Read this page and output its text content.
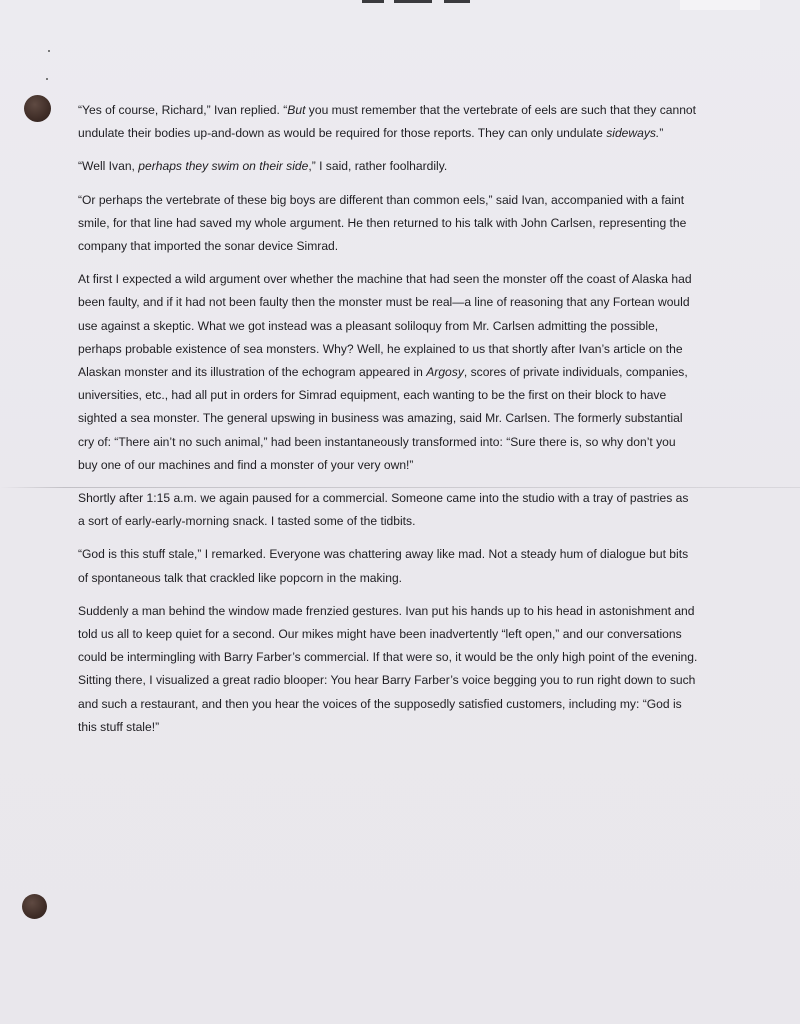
“Yes of course, Richard,” Ivan replied. “But you must remember that the vertebrate of eels are such that they cannot undulate their bodies up-and-down as would be required for those reports. They can only undulate sideways.”

“Well Ivan, perhaps they swim on their side,” I said, rather foolhardily.

“Or perhaps the vertebrate of these big boys are different than common eels,” said Ivan, accompanied with a faint smile, for that line had saved my whole argument. He then returned to his talk with John Carlsen, representing the company that imported the sonar device Simrad.

At first I expected a wild argument over whether the machine that had seen the monster off the coast of Alaska had been faulty, and if it had not been faulty then the monster must be real—a line of reasoning that any Fortean would use against a skeptic. What we got instead was a pleasant soliloquy from Mr. Carlsen admitting the possible, perhaps probable existence of sea monsters. Why? Well, he explained to us that shortly after Ivan’s article on the Alaskan monster and its illustration of the echogram appeared in Argosy, scores of private individuals, companies, universities, etc., had all put in orders for Simrad equipment, each wanting to be the first on their block to have sighted a sea monster. The general upswing in business was amazing, said Mr. Carlsen. The formerly substantial cry of: “There ain’t no such animal,” had been instantaneously transformed into: “Sure there is, so why don’t you buy one of our machines and find a monster of your very own!”

Shortly after 1:15 a.m. we again paused for a commercial. Someone came into the studio with a tray of pastries as a sort of early-early-morning snack. I tasted some of the tidbits.

“God is this stuff stale,” I remarked. Everyone was chattering away like mad. Not a steady hum of dialogue but bits of spontaneous talk that crackled like popcorn in the making.

Suddenly a man behind the window made frenzied gestures. Ivan put his hands up to his head in astonishment and told us all to keep quiet for a second. Our mikes might have been inadvertently “left open,” and our conversations could be intermingling with Barry Farber’s commercial. If that were so, it would be the only high point of the evening. Sitting there, I visualized a great radio blooper: You hear Barry Farber’s voice begging you to run right down to such and such a restaurant, and then you hear the voices of the supposedly satisfied customers, including my: “God is this stuff stale!”
